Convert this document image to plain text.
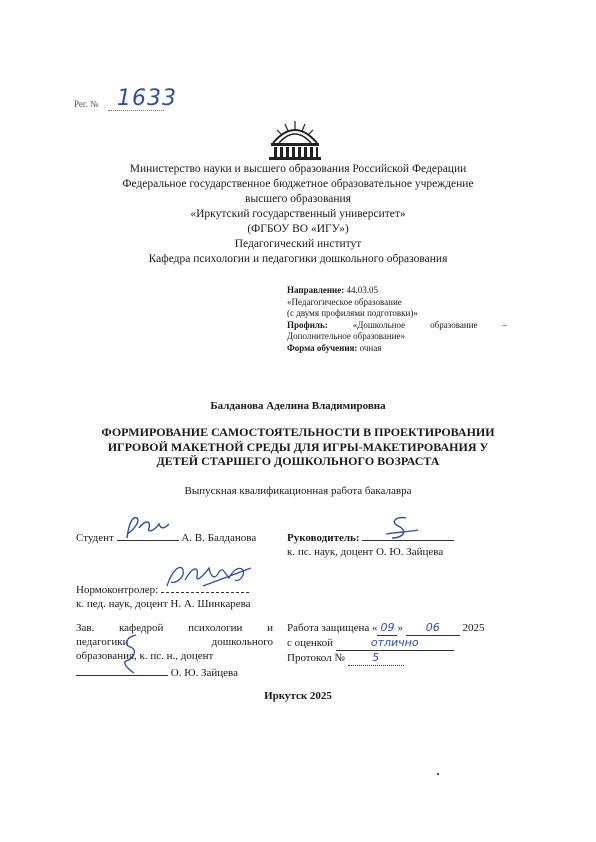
Рег. № 1633
Министерство науки и высшего образования Российской Федерации
Федеральное государственное бюджетное образовательное учреждение
высшего образования
«Иркутский государственный университет»
(ФГБОУ ВО «ИГУ»)
Педагогический институт
Кафедра психологии и педагогики дошкольного образования
Направление: 44.03.05
«Педагогическое образование
(с двумя профилями подготовки)»
Профиль:	«Дошкольное	образование	–
Дополнительное образование»
Форма обучения: очная
Балданова Аделина Владимировна
ФОРМИРОВАНИЕ САМОСТОЯТЕЛЬНОСТИ В ПРОЕКТИРОВАНИИ
ИГРОВОЙ МАКЕТНОЙ СРЕДЫ ДЛЯ ИГРЫ-МАКЕТИРОВАНИЯ У
ДЕТЕЙ СТАРШЕГО ДОШКОЛЬНОГО ВОЗРАСТА
Выпускная квалификационная работа бакалавра
Студент	А. В. Балданова	Руководитель:
к. пс. наук, доцент О. Ю. Зайцева
Нормоконтролер:
к. пед. наук, доцент Н. А. Шинкарева
Зав. кафедрой психологии и
педагогики	дошкольного
образования, к. пс. н., доцент
О. Ю. Зайцева
Работа защищена « 09 » 06 2025
с оценкой	отлично
Протокол № 5
Иркутск 2025
